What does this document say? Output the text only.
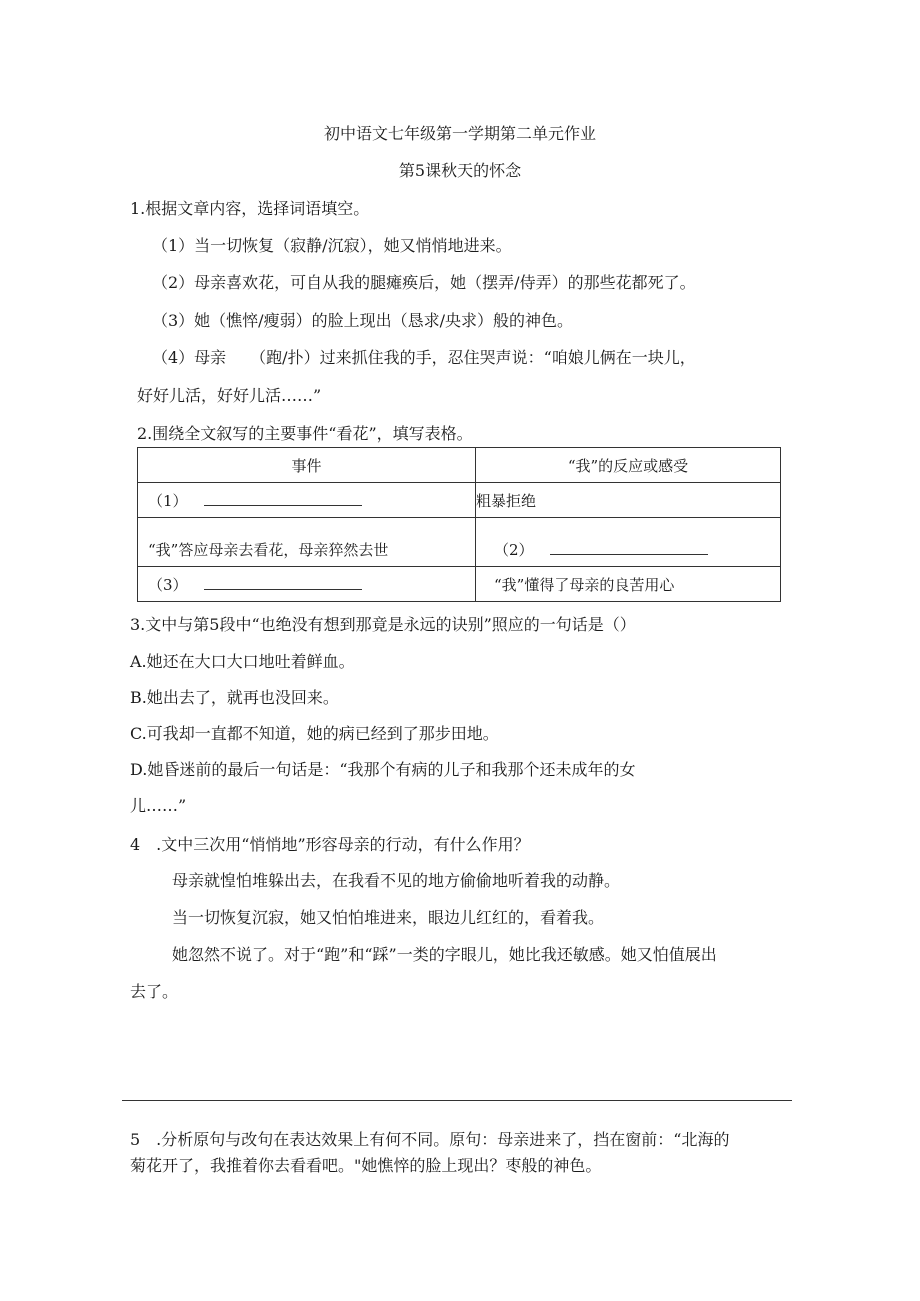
初中语文七年级第一学期第二单元作业
第5课秋天的怀念
1.根据文章内容，选择词语填空。
（1）当一切恢复（寂静/沉寂），她又悄悄地进来。
（2）母亲喜欢花，可自从我的腿瘫痪后，她（摆弄/侍弄）的那些花都死了。
（3）她（憔悴/瘦弱）的脸上现出（恳求/央求）般的神色。
（4）母亲　　（跑/扑）过来抓住我的手，忍住哭声说：“咱娘儿俩在一块儿，
好好儿活，好好儿活……”
2.围绕全文叙写的主要事件“看花”，填写表格。
事件	“我”的反应或感受
（1）	粗暴拒绝
“我”答应母亲去看花，母亲猝然去世	（2）
（3）	“我”懂得了母亲的良苦用心
3.文中与第5段中“也绝没有想到那竟是永远的诀别”照应的一句话是（）
A.她还在大口大口地吐着鲜血。
B.她出去了，就再也没回来。
C.可我却一直都不知道，她的病已经到了那步田地。
D.她昏迷前的最后一句话是：“我那个有病的儿子和我那个还未成年的女
儿……”
4　.文中三次用“悄悄地”形容母亲的行动，有什么作用？
母亲就惶怕堆躲出去，在我看不见的地方偷偷地听着我的动静。
当一切恢复沉寂，她又怕怕堆进来，眼边儿红红的，看着我。
她忽然不说了。对于“跑”和“踩”一类的字眼儿，她比我还敏感。她又怕值展出
去了。
5　.分析原句与改句在表达效果上有何不同。原句：母亲进来了，挡在窗前：“北海的
菊花开了，我推着你去看看吧。"她憔悴的脸上现出？枣般的神色。
